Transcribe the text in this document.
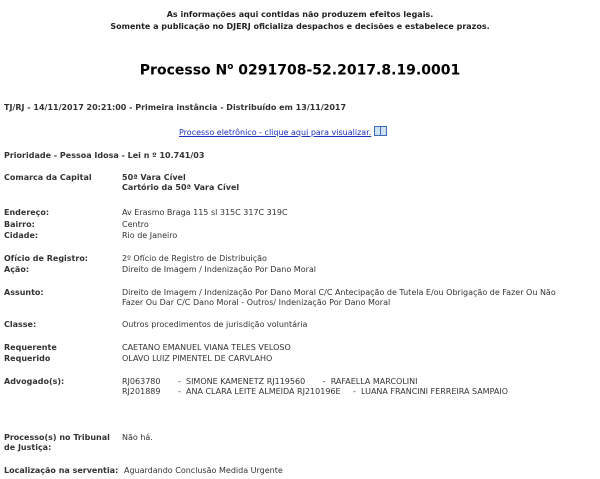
As informações aqui contidas não produzem efeitos legais.
Somente a publicação no DJERJ oficializa despachos e decisões e estabelece prazos.
Processo $N^o$ 0291708-52.2017.8.19.0001
TJ/RJ - 14/11/2017 20:21:00 - Primeira instância - Distribuído em 13/11/2017
Processo eletrônico - clique aqui para visualizar.
Prioridade - Pessoa Idosa - Lei n º 10.741/03
Comarca da Capital	50ª Vara Cível
Cartório da 50ª Vara Cível
Endereço:	Av Erasmo Braga 115 sl 315C 317C 319C
Bairro:	Centro
Cidade:	Rio de Janeiro
Ofício de Registro:	2º Ofício de Registro de Distribuição
Ação:	Direito de Imagem / Indenização Por Dano Moral
Assunto:	Direito de Imagem / Indenização Por Dano Moral C/C Antecipação de Tutela E/ou Obrigação de Fazer Ou Não
Fazer Ou Dar C/C Dano Moral - Outros/ Indenização Por Dano Moral
Classe:	Outros procedimentos de jurisdição voluntária
Requerente	CAETANO EMANUEL VIANA TELES VELOSO
Requerido	OLAVO LUIZ PIMENTEL DE CARVLAHO
Advogado(s):	RJ063780 -  SIMONE KAMENETZ RJ119560 -  RAFAELLA MARCOLINI RJ201889 -  ANA CLARA LEITE ALMEIDA RJ210196E -  LUANA FRANCINI FERREIRA SAMPAIO
Processo(s) no Tribunal
de Justiça:
Não há.
Localização na serventia: Aguardando Conclusão Medida Urgente
